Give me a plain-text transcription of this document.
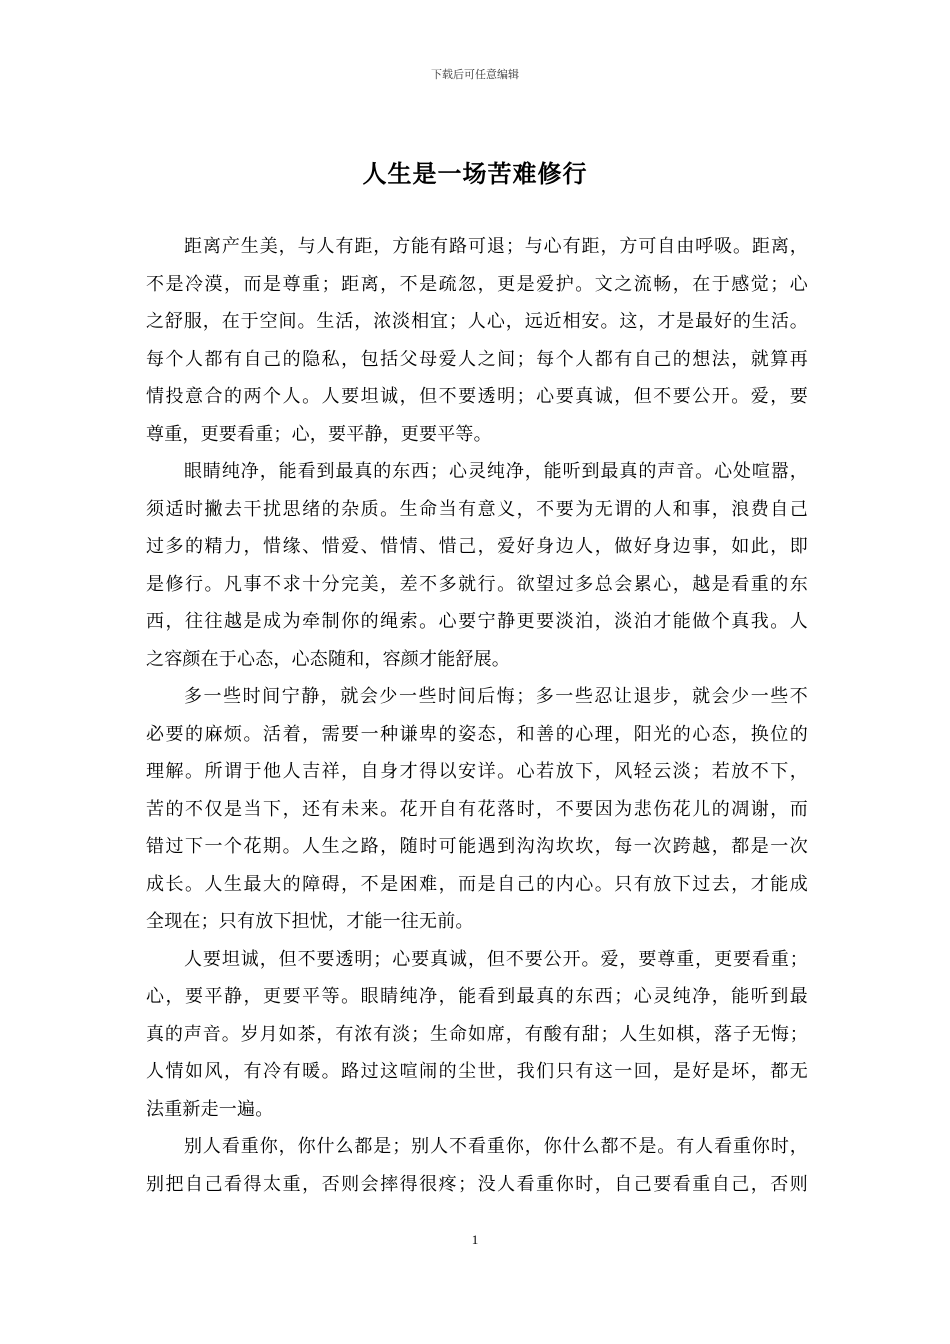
下载后可任意编辑
人生是一场苦难修行
距离产生美，与人有距，方能有路可退；与心有距，方可自由呼吸。距离，
不是冷漠，而是尊重；距离，不是疏忽，更是爱护。文之流畅，在于感觉；心
之舒服，在于空间。生活，浓淡相宜；人心，远近相安。这，才是最好的生活。
每个人都有自己的隐私，包括父母爱人之间；每个人都有自己的想法，就算再
情投意合的两个人。人要坦诚，但不要透明；心要真诚，但不要公开。爱，要
尊重，更要看重；心，要平静，更要平等。
眼睛纯净，能看到最真的东西；心灵纯净，能听到最真的声音。心处喧嚣，
须适时撇去干扰思绪的杂质。生命当有意义，不要为无谓的人和事，浪费自己
过多的精力，惜缘、惜爱、惜情、惜己，爱好身边人，做好身边事，如此，即
是修行。凡事不求十分完美，差不多就行。欲望过多总会累心，越是看重的东
西，往往越是成为牵制你的绳索。心要宁静更要淡泊，淡泊才能做个真我。人
之容颜在于心态，心态随和，容颜才能舒展。
多一些时间宁静，就会少一些时间后悔；多一些忍让退步，就会少一些不
必要的麻烦。活着，需要一种谦卑的姿态，和善的心理，阳光的心态，换位的
理解。所谓于他人吉祥，自身才得以安详。心若放下，风轻云淡；若放不下，
苦的不仅是当下，还有未来。花开自有花落时，不要因为悲伤花儿的凋谢，而
错过下一个花期。人生之路，随时可能遇到沟沟坎坎，每一次跨越，都是一次
成长。人生最大的障碍，不是困难，而是自己的内心。只有放下过去，才能成
全现在；只有放下担忧，才能一往无前。
人要坦诚，但不要透明；心要真诚，但不要公开。爱，要尊重，更要看重；
心，要平静，更要平等。眼睛纯净，能看到最真的东西；心灵纯净，能听到最
真的声音。岁月如茶，有浓有淡；生命如席，有酸有甜；人生如棋，落子无悔；
人情如风，有冷有暖。路过这喧闹的尘世，我们只有这一回，是好是坏，都无
法重新走一遍。
别人看重你，你什么都是；别人不看重你，你什么都不是。有人看重你时，
别把自己看得太重，否则会摔得很疼；没人看重你时，自己要看重自己，否则
1
